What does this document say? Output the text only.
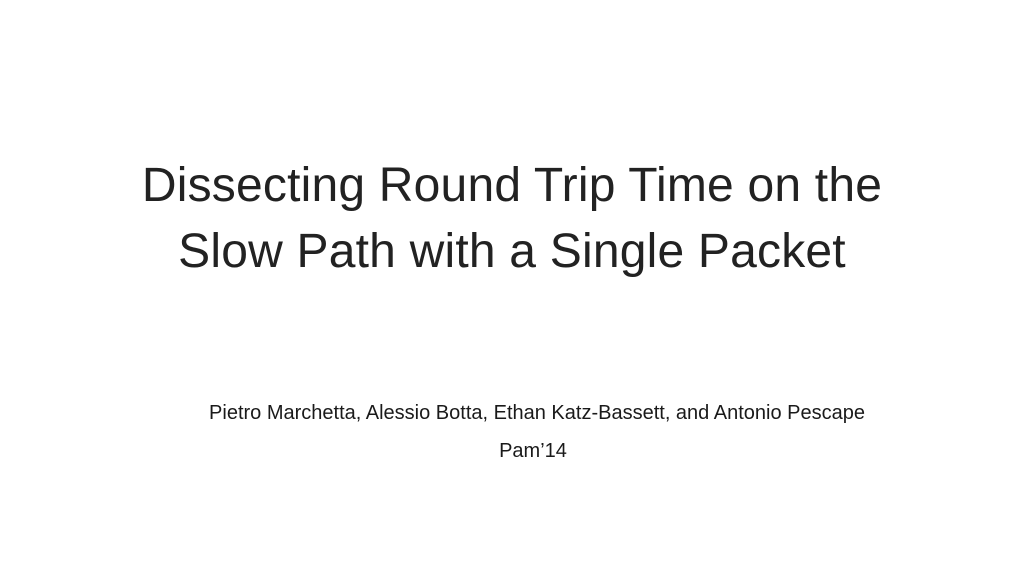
Dissecting Round Trip Time on the
Slow Path with a Single Packet
Pietro Marchetta, Alessio Botta, Ethan Katz-Bassett, and Antonio Pescape
Pam’14
